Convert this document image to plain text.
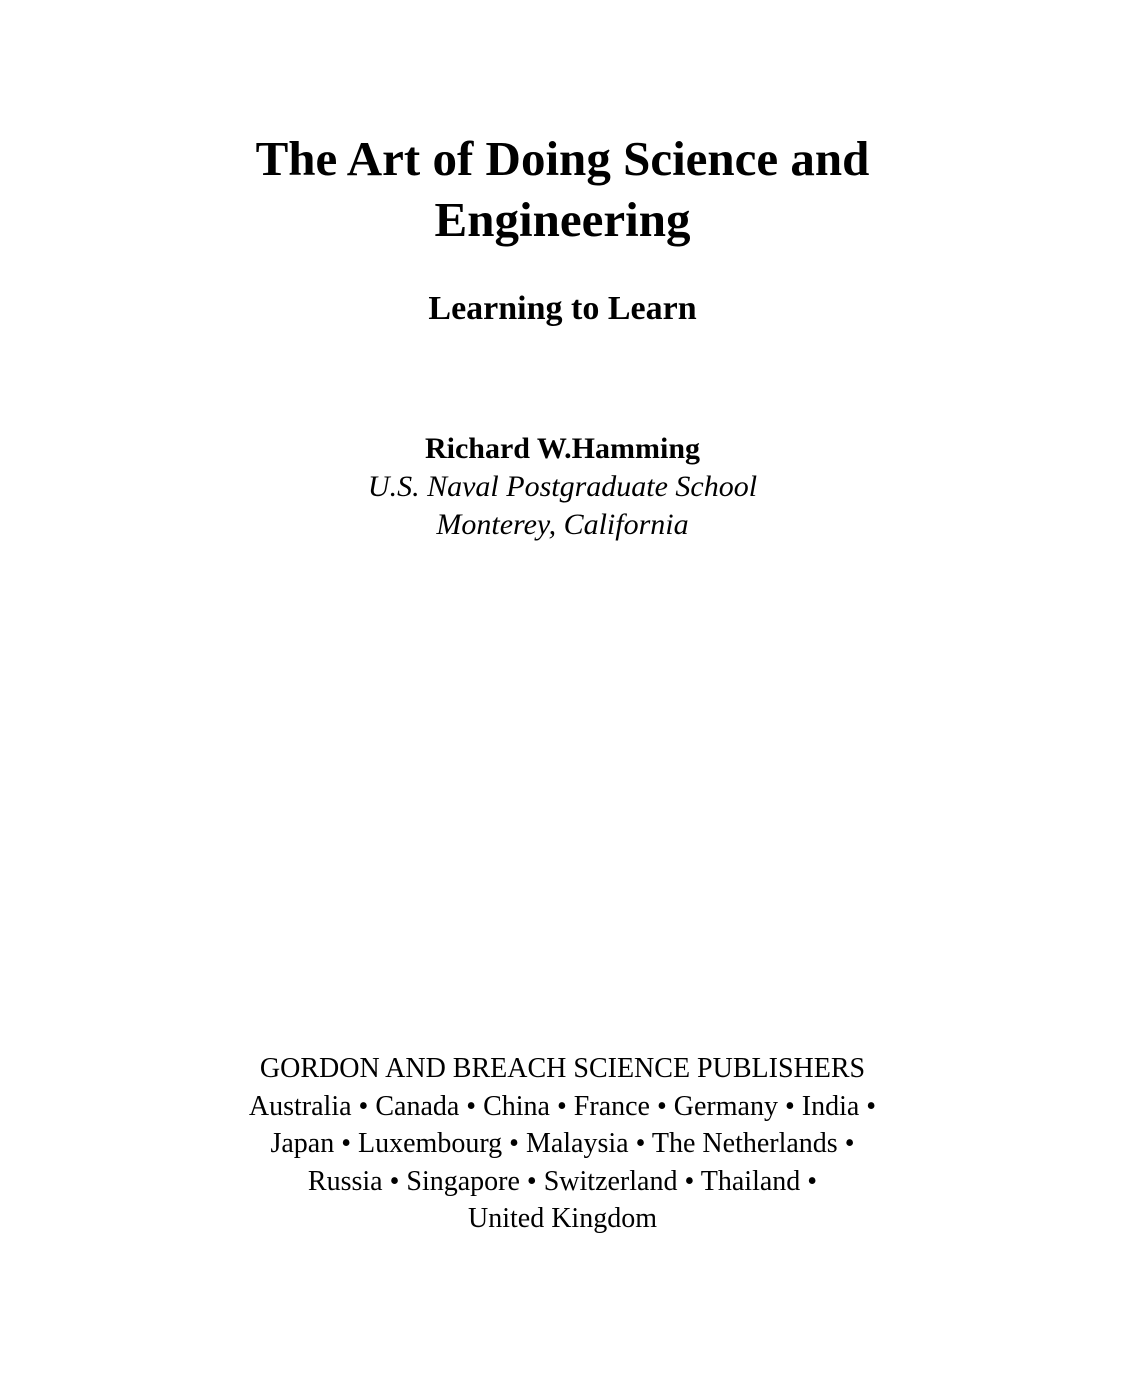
The Art of Doing Science and
Engineering
Learning to Learn
Richard W.Hamming
U.S. Naval Postgraduate School
Monterey, California
GORDON AND BREACH SCIENCE PUBLISHERS
Australia • Canada • China • France • Germany • India •
Japan • Luxembourg • Malaysia • The Netherlands •
Russia • Singapore • Switzerland • Thailand •
United Kingdom
